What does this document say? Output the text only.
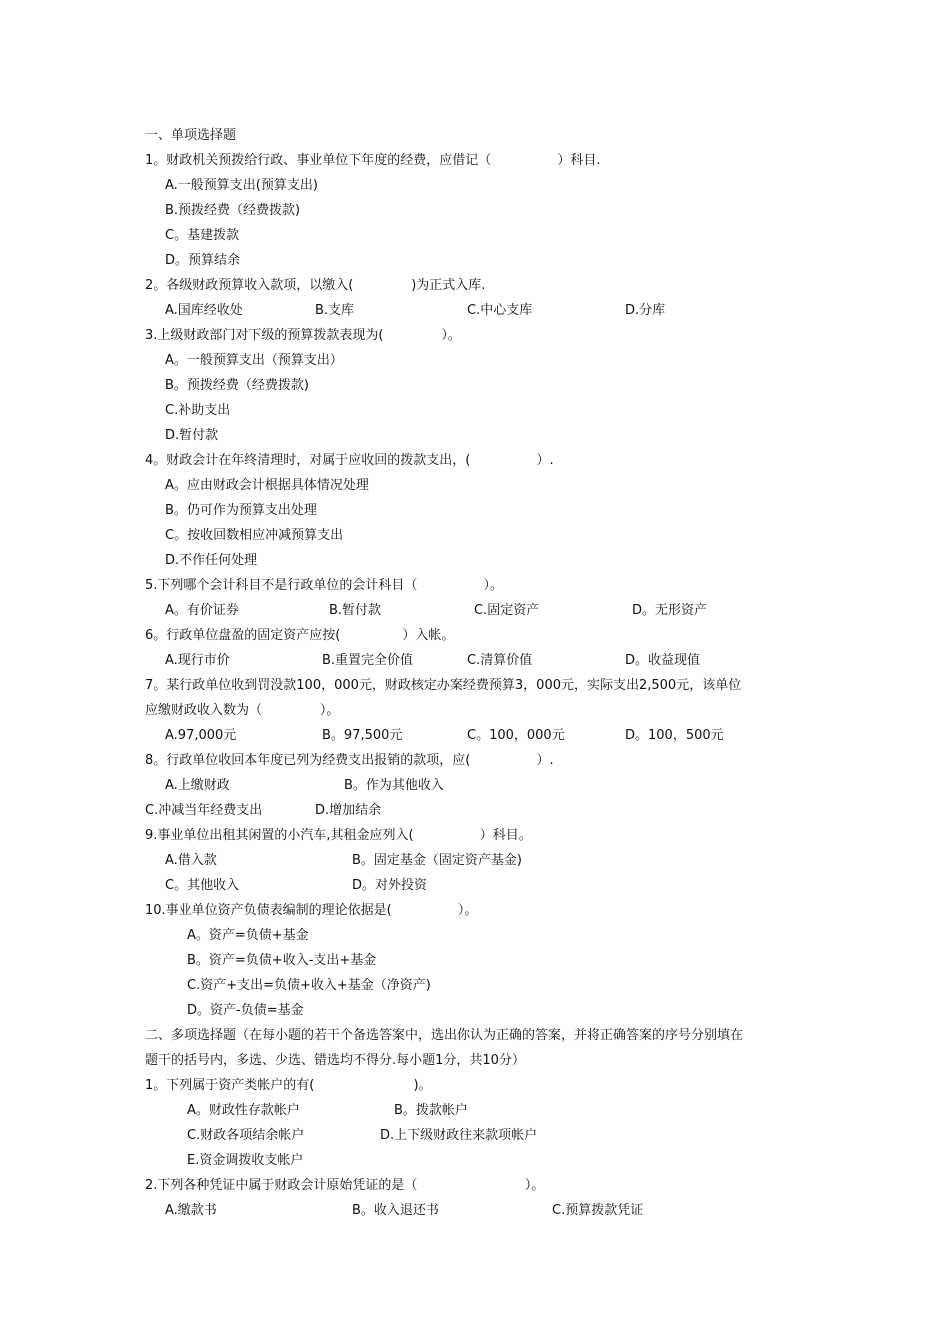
一、单项选择题
1。财政机关预拨给行政、事业单位下年度的经费，应借记（                ）科目.
A.一般预算支出(预算支出)
B.预拨经费（经费拨款)
C。基建拨款
D。预算结余
2。各级财政预算收入款项，以缴入(              )为正式入库.

A.国库经收处

	B.支库

	C.中心支库

	D.分库

3.上级财政部门对下级的预算拨款表现为(              ）。
A。一般预算支出（预算支出）
B。预拨经费（经费拨款)
C.补助支出
D.暂付款
4。财政会计在年终清理时，对属于应收回的拨款支出，(                ）.
A。应由财政会计根据具体情况处理
B。仍可作为预算支出处理
C。按收回数相应冲减预算支出
D.不作任何处理
5.下列哪个会计科目不是行政单位的会计科目（                ）。

A。有价证券

	B.暂付款

	C.固定资产

	D。无形资产

6。行政单位盘盈的固定资产应按(               ）入帐。

A.现行市价

	B.重置完全价值

	C.清算价值

	D。收益现值

7。某行政单位收到罚没款100，000元，财政核定办案经费预算3，000元，实际支出2,500元，该单位
应缴财政收入数为（              ）。

A.97,000元

	B。97,500元

	C。100，000元

	D。100，500元

8。行政单位收回本年度已列为经费支出报销的款项，应(                ）.

A.上缴财政

	B。作为其他收入

C.冲减当年经费支出

	D.增加结余

9.事业单位出租其闲置的小汽车,其租金应列入(                ）科目。

A.借入款

	B。固定基金（固定资产基金)

C。其他收入

	D。对外投资

10.事业单位资产负债表编制的理论依据是(                ）。
A。资产=负债+基金
B。资产=负债+收入-支出+基金
C.资产+支出=负债+收入+基金（净资产)
D。资产-负债=基金
二、多项选择题（在每小题的若干个备选答案中，选出你认为正确的答案，并将正确答案的序号分别填在
题干的括号内，多选、少选、错选均不得分.每小题1分，共10分）
1。下列属于资产类帐户的有(                        )。

A。财政性存款帐户

	B。拨款帐户

C.财政各项结余帐户

	D.上下级财政往来款项帐户

E.资金调拨收支帐户
2.下列各种凭证中属于财政会计原始凭证的是（                          ）。

A.缴款书

	B。收入退还书

	C.预算拨款凭证
